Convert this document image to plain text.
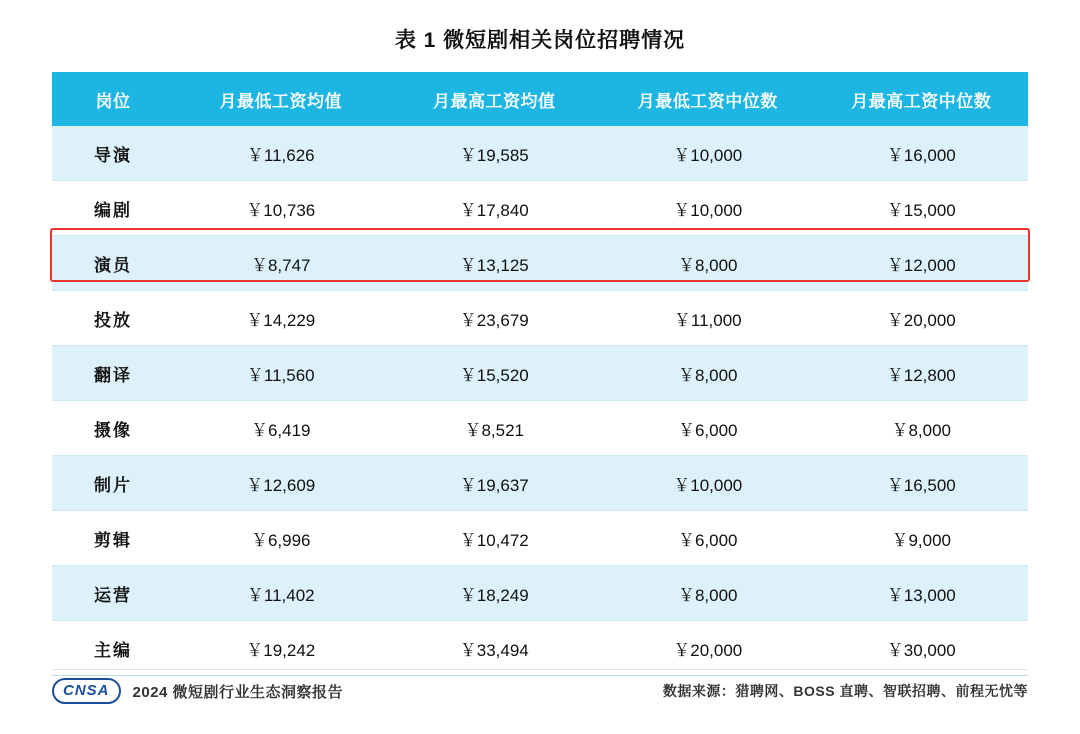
表 1 微短剧相关岗位招聘情况
岗位	月最低工资均值	月最高工资均值	月最低工资中位数	月最高工资中位数
导演	￥11,626	￥19,585	￥10,000	￥16,000
编剧	￥10,736	￥17,840	￥10,000	￥15,000
演员	￥8,747	￥13,125	￥8,000	￥12,000
投放	￥14,229	￥23,679	￥11,000	￥20,000
翻译	￥11,560	￥15,520	￥8,000	￥12,800
摄像	￥6,419	￥8,521	￥6,000	￥8,000
制片	￥12,609	￥19,637	￥10,000	￥16,500
剪辑	￥6,996	￥10,472	￥6,000	￥9,000
运营	￥11,402	￥18,249	￥8,000	￥13,000
主编	￥19,242	￥33,494	￥20,000	￥30,000
CNSA	2024 微短剧行业生态洞察报告	数据来源：猎聘网、BOSS 直聘、智联招聘、前程无忧等
